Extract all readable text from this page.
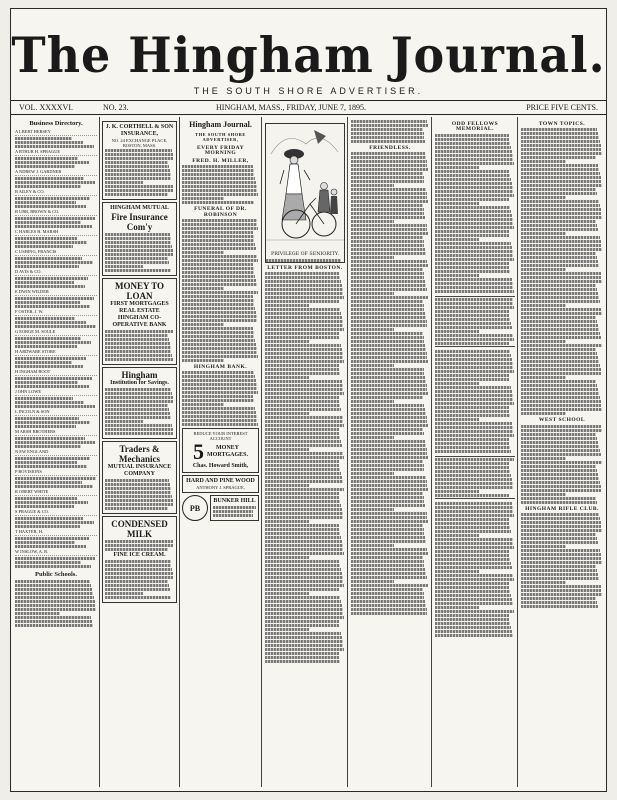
The Hingham Journal.
THE SOUTH SHORE ADVERTISER.
VOL. XXXXVI.	NO. 23.	HINGHAM, MASS., FRIDAY, JUNE 7, 1895.	PRICE FIVE CENTS.
Business Directory.
A LBERT HERSEY
A RTHUR H. SPRAGUE
A NDREW J. GARDNER
B AILEY & CO.
B URR, BROWN & CO.
C HARLES H. MARSH
C USHING, FRANCIS
D AVIS & CO.
E DWIN WILDER
F OSTER, J. W.
G EORGE M. SOULE
H ARDWARE STORE
H INGHAM BOOT
J OHN LOWE
L INCOLN & SON
M ARSH BROTHERS
N EW ENGLAND
P ROVISIONS
R OBERT WHITE
S PRAGUE & CO.
T HAXTER, H.
W INSLOW, A. B.
Public Schools.
J. K. CORTHELL & SON
INSURANCE,
NO. 24 EXCHANGE PLACE,
BOSTON, MASS.
HINGHAM MUTUAL
Fire Insurance Com'y
MONEY TO LOAN
FIRST MORTGAGES
REAL ESTATE
HINGHAM CO-OPERATIVE BANK
Hingham
Institution for Savings.
Traders & Mechanics
MUTUAL INSURANCE COMPANY
CONDENSED MILK
FINE ICE CREAM.
Hingham Journal.
THE SOUTH SHORE ADVERTISER,
EVERY FRIDAY MORNING
FRED. H. MILLER,
FUNERAL OF DR. ROBINSON
HINGHAM BANK.
REDUCE YOUR INTEREST ACCOUNT
5	MONEY
MORTGAGES.
Chas. Howard Smith,
HARD AND PINE WOOD
ANTHONY J. SPRAGUE,
PB
BUNKER HILL
PRIVILEGE OF SENIORITY.
LETTER FROM BOSTON.
FRIENDLESS.
ODD FELLOWS MEMORIAL.
TOWN TOPICS.
WEST SCHOOL
HINGHAM RIFLE CLUB.
